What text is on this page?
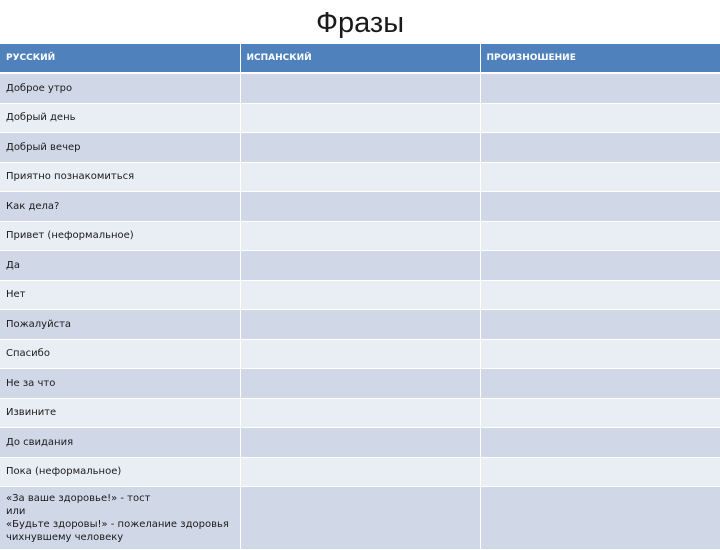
Фразы
РУССКИЙ	ИСПАНСКИЙ	ПРОИЗНОШЕНИЕ
Доброе утро		
Добрый день		
Добрый вечер		
Приятно познакомиться		
Как дела?		
Привет (неформальное)		
Да		
Нет		
Пожалуйста		
Спасибо		
Не за что		
Извините		
До свидания		
Пока (неформальное)		

«За ваше здоровье!» - тост
или
«Будьте здоровы!» - пожелание здоровья
чихнувшему человеку		
